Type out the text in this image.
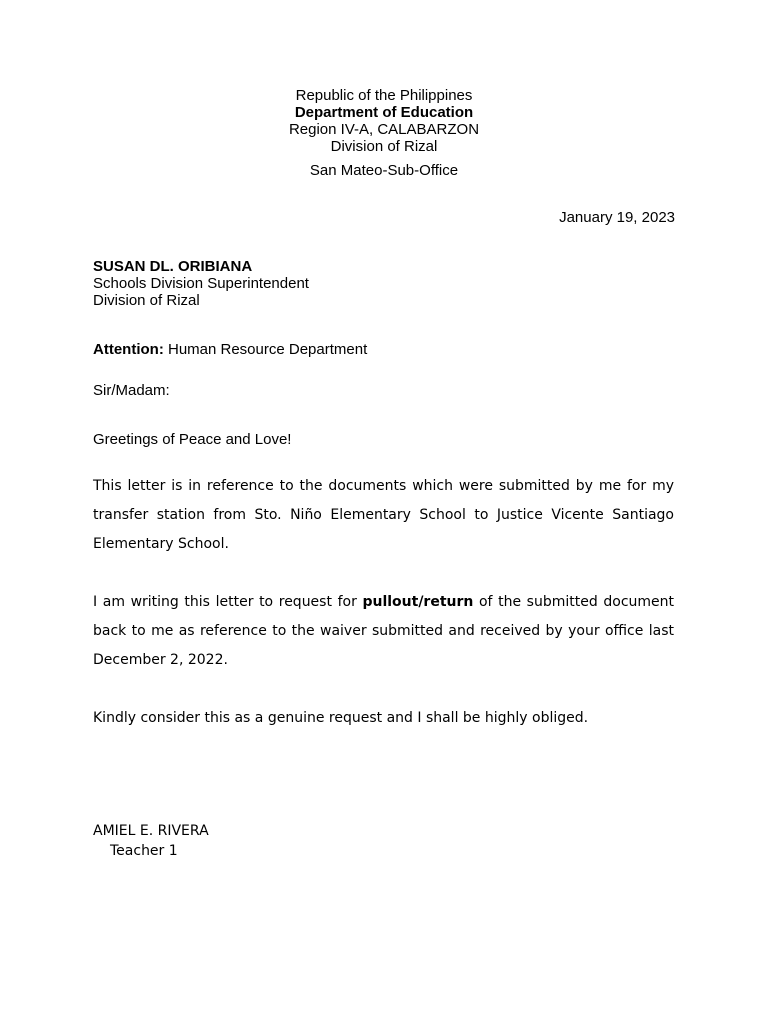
Republic of the Philippines
Department of Education
Region IV-A, CALABARZON
Division of Rizal
San Mateo-Sub-Office
January 19, 2023
SUSAN DL. ORIBIANA
Schools Division Superintendent
Division of Rizal
Attention: Human Resource Department
Sir/Madam:
Greetings of Peace and Love!
This letter is in reference to the documents which were submitted by me for my transfer station from Sto. Niño Elementary School to Justice Vicente Santiago Elementary School.
I am writing this letter to request for pullout/return of the submitted document back to me as reference to the waiver submitted and received by your office last December 2, 2022.
Kindly consider this as a genuine request and I shall be highly obliged.
AMIEL E. RIVERA
Teacher 1
